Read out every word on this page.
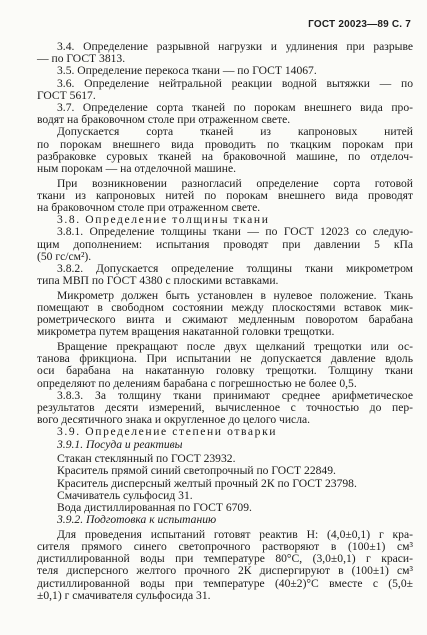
ГОСТ 20023—89 С. 7

3.4. Определение разрывной нагрузки и удлинения при разрыве
— по ГОСТ 3813.

3.5. Определение перекоса ткани — по ГОСТ 14067.

3.6. Определение нейтральной реакции водной вытяжки — по
ГОСТ 5617.

3.7. Определение сорта тканей по порокам внешнего вида про-
водят на браковочном столе при отраженном свете.

Допускается сорта тканей из капроновых нитей
по порокам внешнего вида проводить по ткацким порокам при
разбраковке суровых тканей на браковочной машине, по отделоч-
ным порокам — на отделочной машине.

При возникновении разногласий определение сорта готовой
ткани из капроновых нитей по порокам внешнего вида проводят
на браковочном столе при отраженном свете.

3.8. Определение толщины ткани

3.8.1. Определение толщины ткани — по ГОСТ 12023 со следую-
щим дополнением: испытания проводят при давлении 5 кПа
(50 гс/см²).

3.8.2. Допускается определение толщины ткани микрометром
типа МВП по ГОСТ 4380 с плоскими вставками.

Микрометр должен быть установлен в нулевое положение. Ткань
помещают в свободном состоянии между плоскостями вставок мик-
рометрического винта и сжимают медленным поворотом барабана
микрометра путем вращения накатанной головки трещотки.

Вращение прекращают после двух щелканий трещотки или ос-
танова фрикциона. При испытании не допускается давление вдоль
оси барабана на накатанную головку трещотки. Толщину ткани
определяют по делениям барабана с погрешностью не более 0,5.

3.8.3. За толщину ткани принимают среднее арифметическое
результатов десяти измерений, вычисленное с точностью до пер-
вого десятичного знака и округленное до целого числа.

3.9. Определение степени отварки

3.9.1. Посуда и реактивы

Стакан стеклянный по ГОСТ 23932.

Краситель прямой синий светопрочный по ГОСТ 22849.

Краситель дисперсный желтый прочный 2К по ГОСТ 23798.

Смачиватель сульфосид 31.

Вода дистиллированная по ГОСТ 6709.

3.9.2. Подготовка к испытанию

Для проведения испытаний готовят реактив Н: (4,0±0,1) г кра-
сителя прямого синего светопрочного растворяют в (100±1) см³
дистиллированной воды при температуре 80°С, (3,0±0,1) г краси-
теля дисперсного желтого прочного 2К диспергируют в (100±1) см³
дистиллированной воды при температуре (40±2)°С вместе с (5,0±
±0,1) г смачивателя сульфосида 31.
